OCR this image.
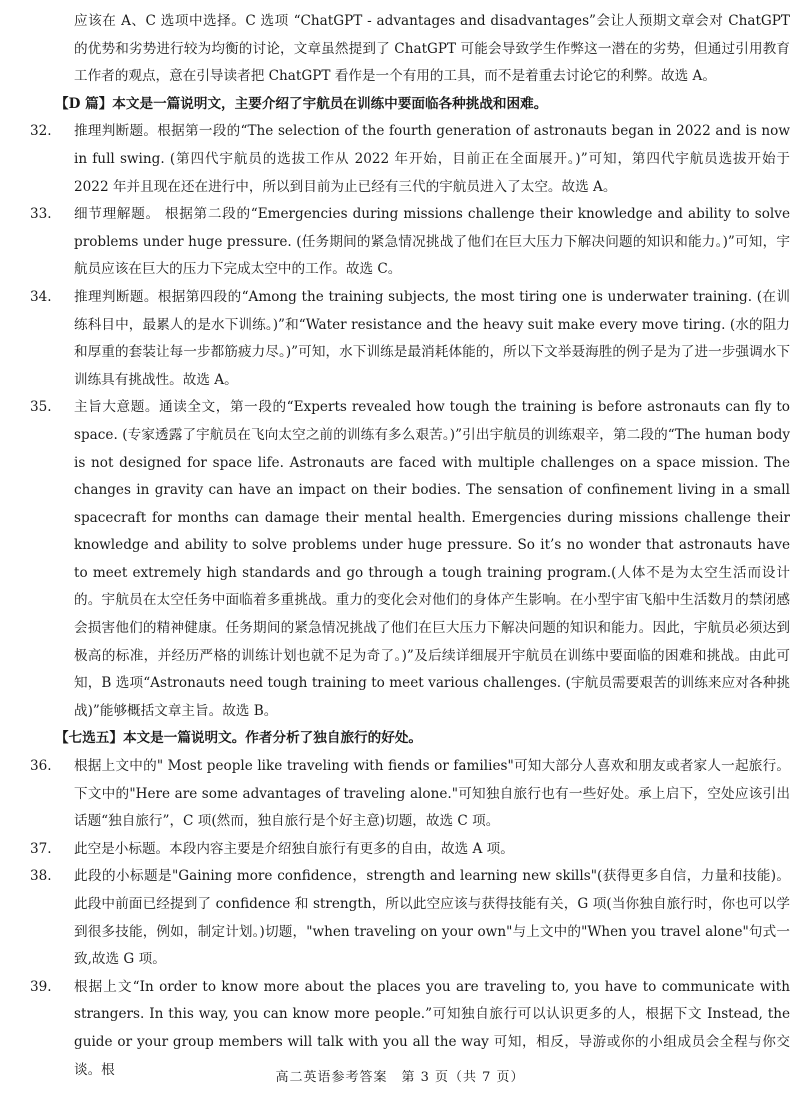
应该在 A、C 选项中选择。C 选项 “ChatGPT - advantages and disadvantages”会让人预期文章会对 ChatGPT 的优势和劣势进行较为均衡的讨论，文章虽然提到了 ChatGPT 可能会导致学生作弊这一潜在的劣势，但通过引用教育工作者的观点，意在引导读者把 ChatGPT 看作是一个有用的工具，而不是着重去讨论它的利弊。故选 A。

【D 篇】本文是一篇说明文，主要介绍了宇航员在训练中要面临各种挑战和困难。
32.	推理判断题。根据第一段的“The selection of the fourth generation of astronauts began in 2022 and is now in full swing. (第四代宇航员的选拔工作从 2022 年开始，目前正在全面展开。)”可知，第四代宇航员选拔开始于 2022 年并且现在还在进行中，所以到目前为止已经有三代的宇航员进入了太空。故选 A。
33.	细节理解题。 根据第二段的“Emergencies during missions challenge their knowledge and ability to solve problems under huge pressure. (任务期间的紧急情况挑战了他们在巨大压力下解决问题的知识和能力。)”可知，宇航员应该在巨大的压力下完成太空中的工作。故选 C。
34.	推理判断题。根据第四段的“Among the training subjects, the most tiring one is underwater training. (在训练科目中，最累人的是水下训练。)”和“Water resistance and the heavy suit make every move tiring. (水的阻力和厚重的套装让每一步都筋疲力尽。)”可知，水下训练是最消耗体能的，所以下文举聂海胜的例子是为了进一步强调水下训练具有挑战性。故选 A。
35.	主旨大意题。通读全文，第一段的“Experts revealed how tough the training is before astronauts can fly to space. (专家透露了宇航员在飞向太空之前的训练有多么艰苦。)”引出宇航员的训练艰辛，第二段的“The human body is not designed for space life. Astronauts are faced with multiple challenges on a space mission. The changes in gravity can have an impact on their bodies. The sensation of confinement living in a small spacecraft for months can damage their mental health. Emergencies during missions challenge their knowledge and ability to solve problems under huge pressure. So it’s no wonder that astronauts have to meet extremely high standards and go through a tough training program.(人体不是为太空生活而设计的。宇航员在太空任务中面临着多重挑战。重力的变化会对他们的身体产生影响。在小型宇宙飞船中生活数月的禁闭感会损害他们的精神健康。任务期间的紧急情况挑战了他们在巨大压力下解决问题的知识和能力。因此，宇航员必须达到极高的标准，并经历严格的训练计划也就不足为奇了。)”及后续详细展开宇航员在训练中要面临的困难和挑战。由此可知，B 选项“Astronauts need tough training to meet various challenges. (宇航员需要艰苦的训练来应对各种挑战)”能够概括文章主旨。故选 B。
【七选五】本文是一篇说明文。作者分析了独自旅行的好处。
36.	根据上文中的" Most people like traveling with fiends or families"可知大部分人喜欢和朋友或者家人一起旅行。下文中的"Here are some advantages of traveling alone."可知独自旅行也有一些好处。承上启下，空处应该引出话题“独自旅行”，C 项(然而，独自旅行是个好主意)切题，故选 C 项。
37.	此空是小标题。本段内容主要是介绍独自旅行有更多的自由，故选 A 项。
38.	此段的小标题是"Gaining more confidence，strength and learning new skills"(获得更多自信，力量和技能)。此段中前面已经提到了 confidence 和 strength，所以此空应该与获得技能有关，G 项(当你独自旅行时，你也可以学到很多技能，例如，制定计划。)切题，"when traveling on your own"与上文中的"When you travel alone"句式一致,故选 G 项。
39.	根据上文“In order to know more about the places you are traveling to, you have to communicate with strangers. In this way, you can know more people.”可知独自旅行可以认识更多的人，根据下文 Instead, the guide or your group members will talk with you all the way 可知，相反，导游或你的小组成员会全程与你交谈。根	高二英语参考答案　第 3 页（共 7 页）
